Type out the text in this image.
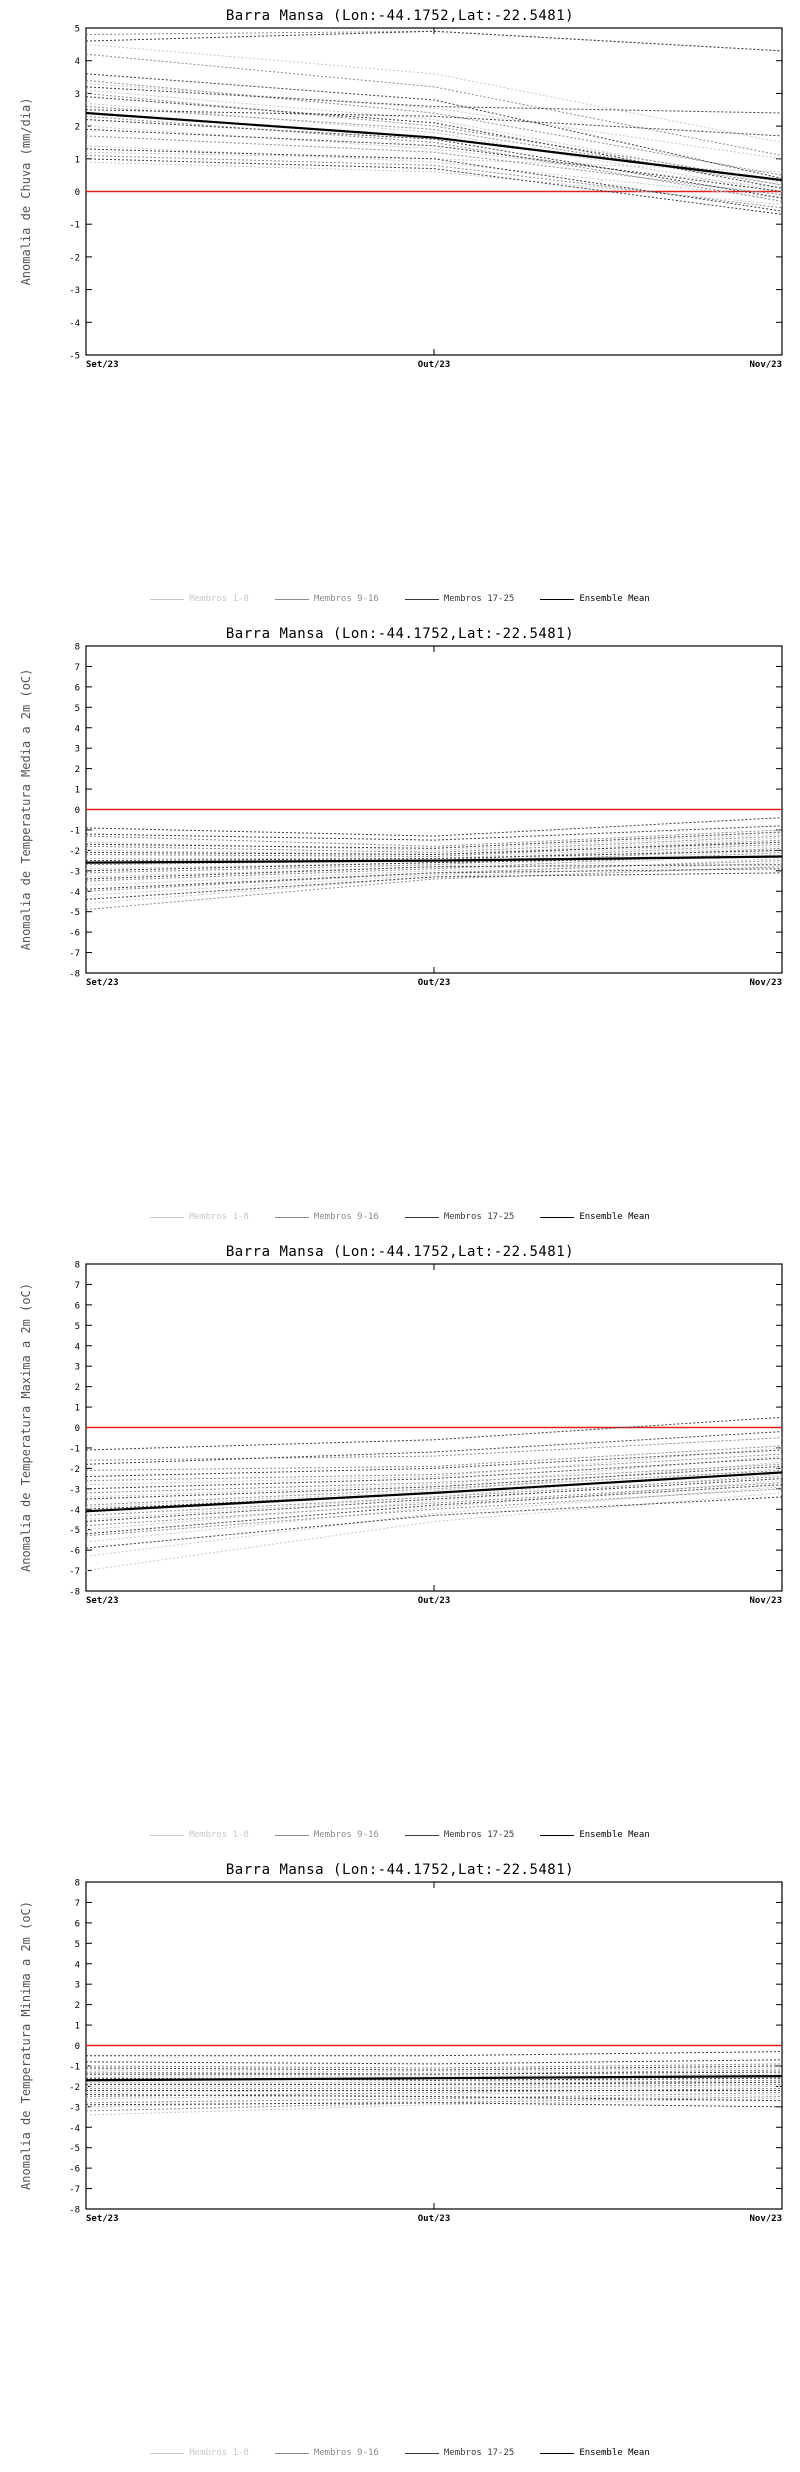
Barra Mansa (Lon:-44.1752,Lat:-22.5481)
-5
-4
-3
-2
-1
0
1
2
3
4
5
Set/23	Out/23	Nov/23
Anomalia de Chuva (mm/dia)
Membros 1-8	Membros 9-16	Membros 17-25	Ensemble Mean
Barra Mansa (Lon:-44.1752,Lat:-22.5481)
-8
-7
-6
-5
-4
-3
-2
-1
0
1
2
3
4
5
6
7
8
Set/23	Out/23	Nov/23
Anomalia de Temperatura Media a 2m (oC)
Membros 1-8	Membros 9-16	Membros 17-25	Ensemble Mean
Barra Mansa (Lon:-44.1752,Lat:-22.5481)
-8
-7
-6
-5
-4
-3
-2
-1
0
1
2
3
4
5
6
7
8
Set/23	Out/23	Nov/23
Anomalia de Temperatura Maxima a 2m (oC)
Membros 1-8	Membros 9-16	Membros 17-25	Ensemble Mean
Barra Mansa (Lon:-44.1752,Lat:-22.5481)
-8
-7
-6
-5
-4
-3
-2
-1
0
1
2
3
4
5
6
7
8
Set/23	Out/23	Nov/23
Anomalia de Temperatura Minima a 2m (oC)
Membros 1-8	Membros 9-16	Membros 17-25	Ensemble Mean
